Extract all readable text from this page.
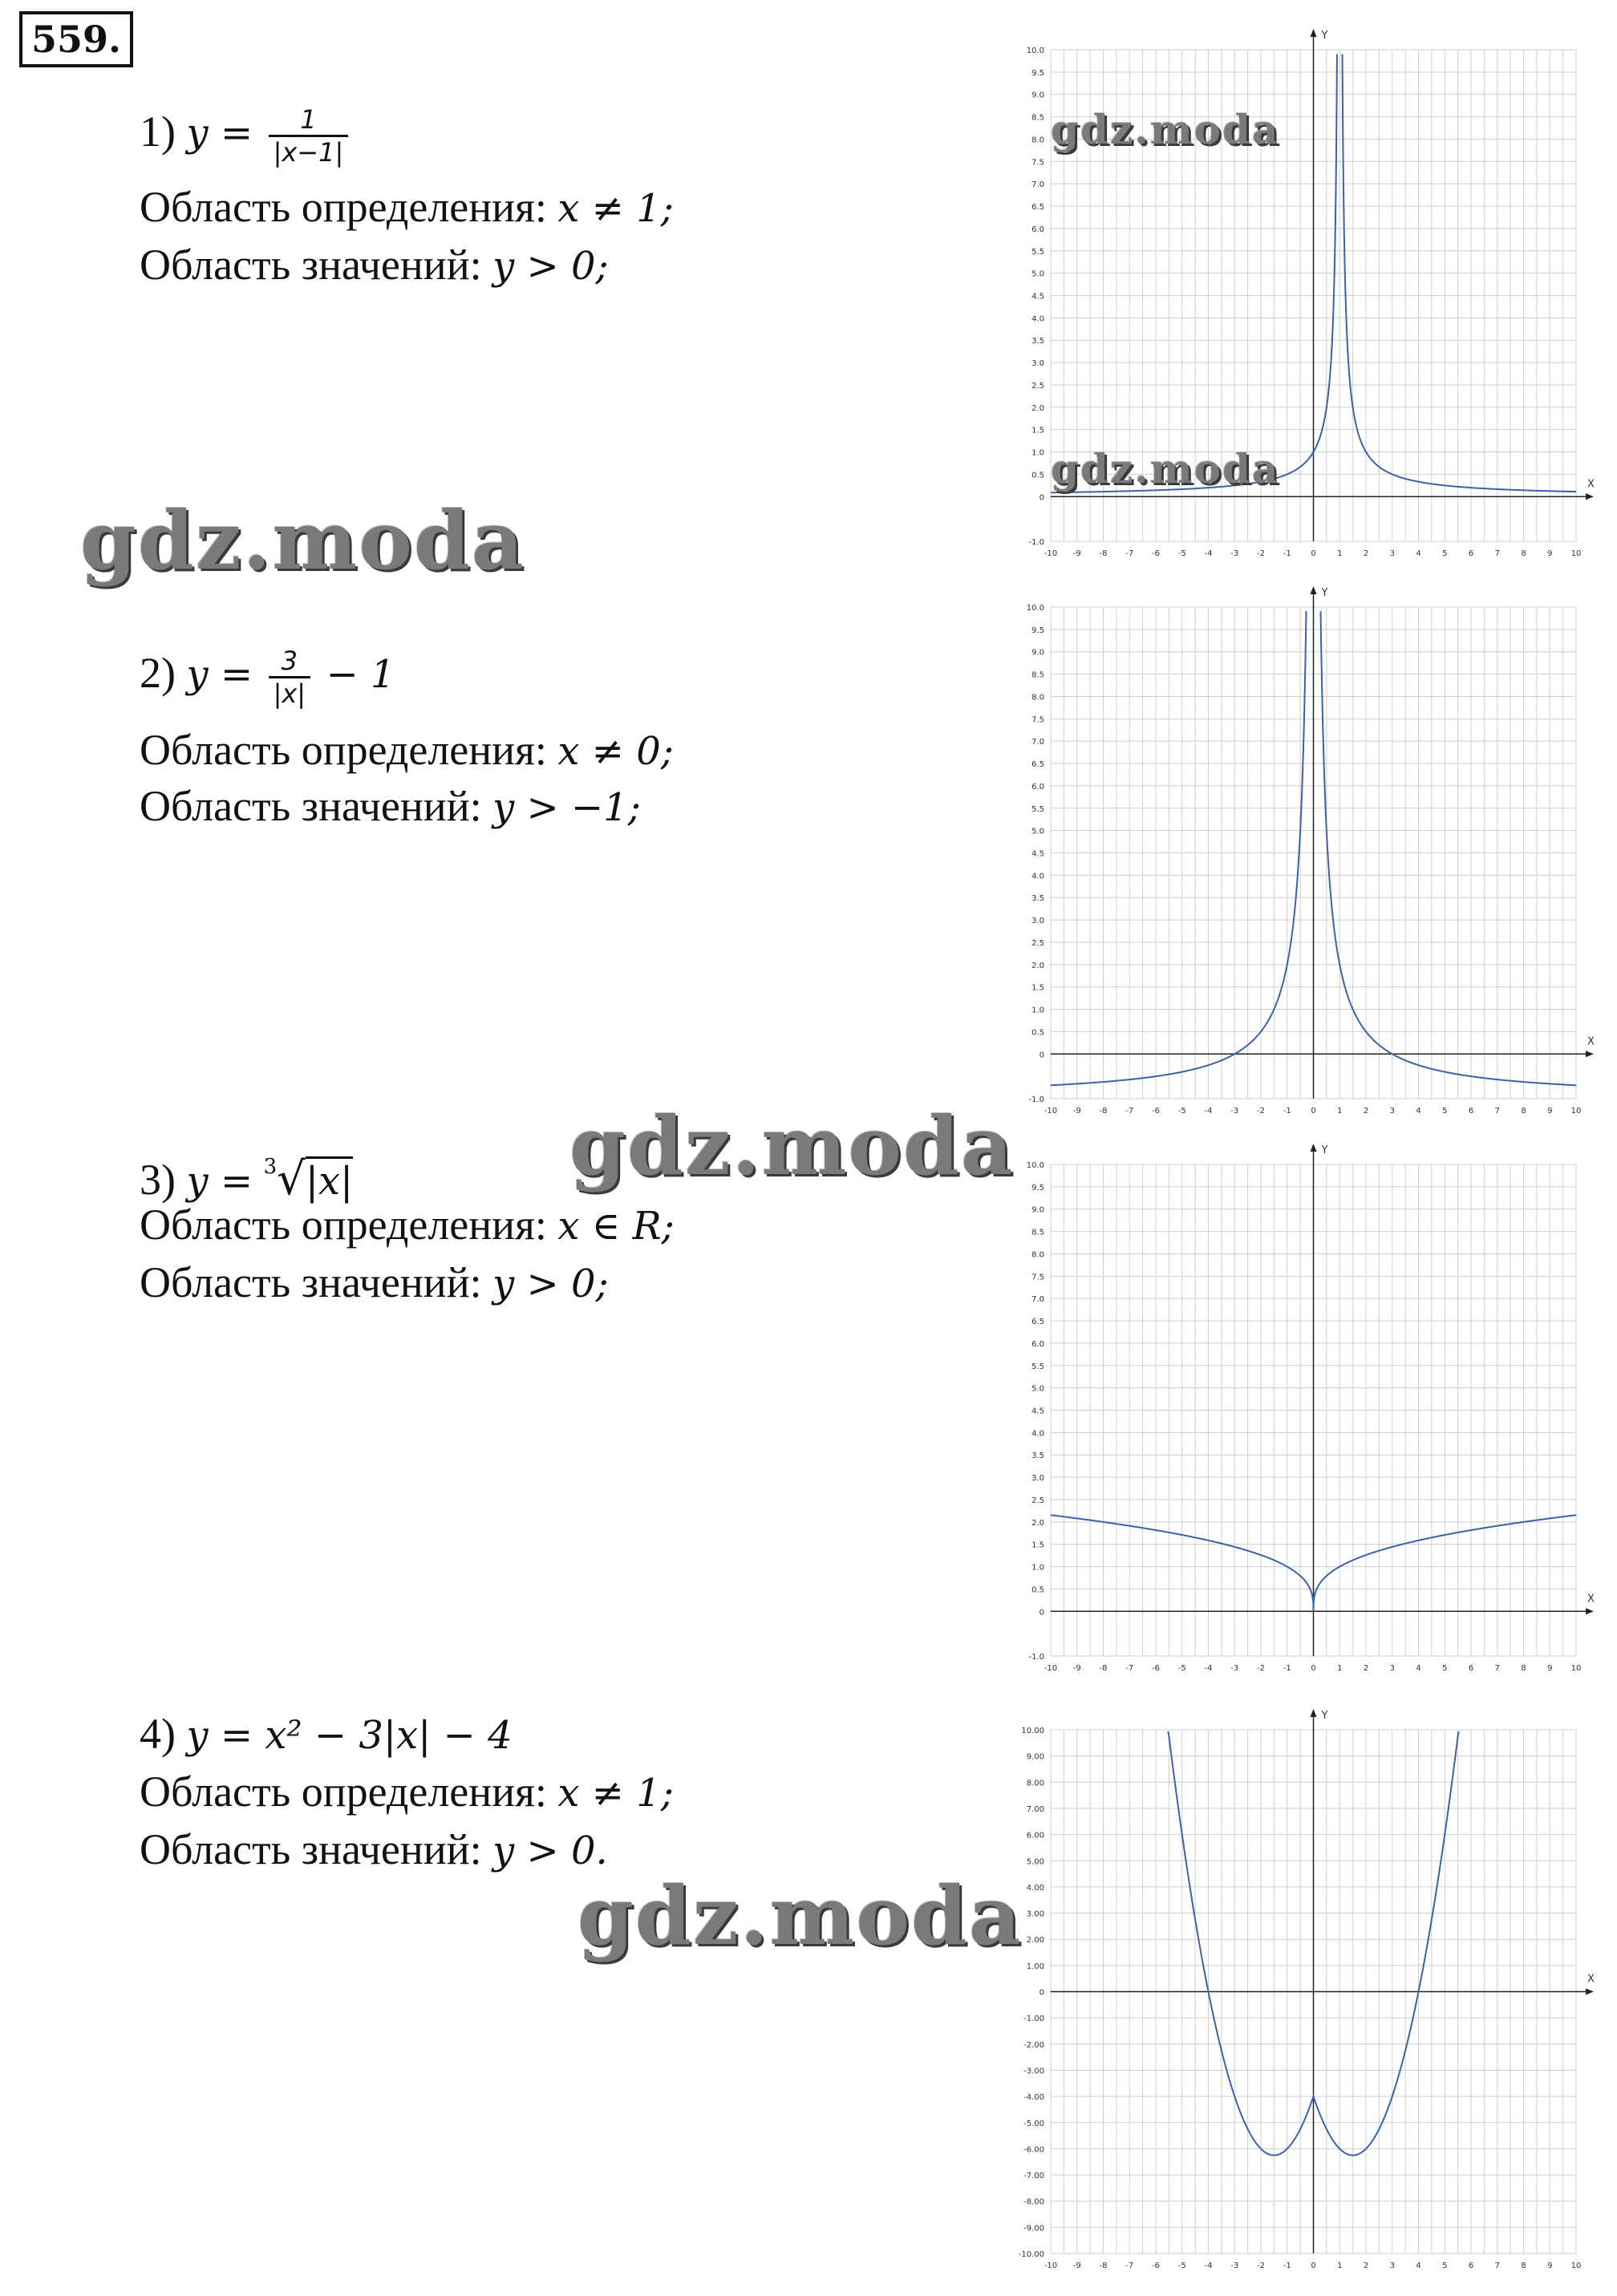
559.
1) $y = \frac{1}{|x-1|}$
Область определения: x ≠ 1;
Область значений: y > 0;
2) $y = \frac{3}{|x|} - 1$
Область определения: x ≠ 0;
Область значений: y > −1;
3) y = $^3$√|x|
Область определения: x ∈ R;
Область значений: y > 0;
4) y = x² − 3|x| − 4
Область определения: x ≠ 1;
Область значений: y > 0.
-1.0
0
0.5
1.0
1.5
2.0
2.5
3.0
3.5
4.0
4.5
5.0
5.5
6.0
6.5
7.0
7.5
8.0
8.5
9.0
9.5
10.0
-10 -9 -8 -7 -6 -5 -4 -3 -2 -1 0	1	2	3	4	5	6	7	8	9 10
X
Y
-1.0
0
0.5
1.0
1.5
2.0
2.5
3.0
3.5
4.0
4.5
5.0
5.5
6.0
6.5
7.0
7.5
8.0
8.5
9.0
9.5
10.0
-10 -9 -8 -7 -6 -5 -4 -3 -2 -1 0	1	2	3	4	5	6	7	8	9 10
X
Y
-1.0
0
0.5
1.0
1.5
2.0
2.5
3.0
3.5
4.0
4.5
5.0
5.5
6.0
6.5
7.0
7.5
8.0
8.5
9.0
9.5
10.0
-10 -9 -8 -7 -6 -5 -4 -3 -2 -1 0	1	2	3	4	5	6	7	8	9 10
X
Y
-10.00
-9.00
-8.00
-7.00
-6.00
-5.00
-4.00
-3.00
-2.00
-1.00
0
1.00
2.00
3.00
4.00
5.00
6.00
7.00
8.00
9.00
10.00
-10 -9 -8 -7 -6 -5 -4 -3 -2 -1 0	1	2	3	4	5	6	7	8	9 10
X
Y
gdz.moda
gdz.moda
gdz.moda
gdz.moda
gdz.moda
